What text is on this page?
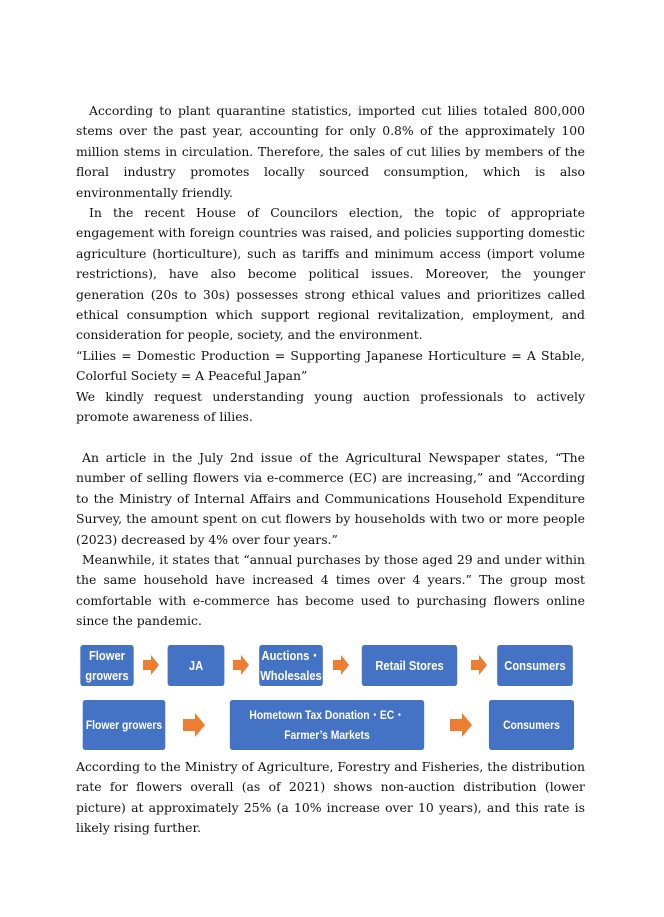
According to plant quarantine statistics, imported cut lilies totaled 800,000 stems over the past year, accounting for only 0.8% of the approximately 100 million stems in circulation. Therefore, the sales of cut lilies by members of the floral industry promotes locally sourced consumption, which is also environmentally friendly.

In the recent House of Councilors election, the topic of appropriate engagement with foreign countries was raised, and policies supporting domestic agriculture (horticulture), such as tariffs and minimum access (import volume restrictions), have also become political issues. Moreover, the younger generation (20s to 30s) possesses strong ethical values and prioritizes called ethical consumption which support regional revitalization, employment, and consideration for people, society, and the environment.

“Lilies = Domestic Production = Supporting Japanese Horticulture = A Stable, Colorful Society = A Peaceful Japan”

We kindly request understanding young auction professionals to actively promote awareness of lilies.

An article in the July 2nd issue of the Agricultural Newspaper states, “The number of selling flowers via e-commerce (EC) are increasing,” and “According to the Ministry of Internal Affairs and Communications Household Expenditure Survey, the amount spent on cut flowers by households with two or more people (2023) decreased by 4% over four years.”

Meanwhile, it states that “annual purchases by those aged 29 and under within the same household have increased 4 times over 4 years.” The group most comfortable with e-commerce has become used to purchasing flowers online since the pandemic.

Flower
growers
JA
Auctions・
Wholesales
Retail Stores	Consumers
Flower growers
Hometown Tax Donation・EC・
Farmer’s Markets
Consumers

According to the Ministry of Agriculture, Forestry and Fisheries, the distribution rate for flowers overall (as of 2021) shows non-auction distribution (lower picture) at approximately 25% (a 10% increase over 10 years), and this rate is likely rising further.
